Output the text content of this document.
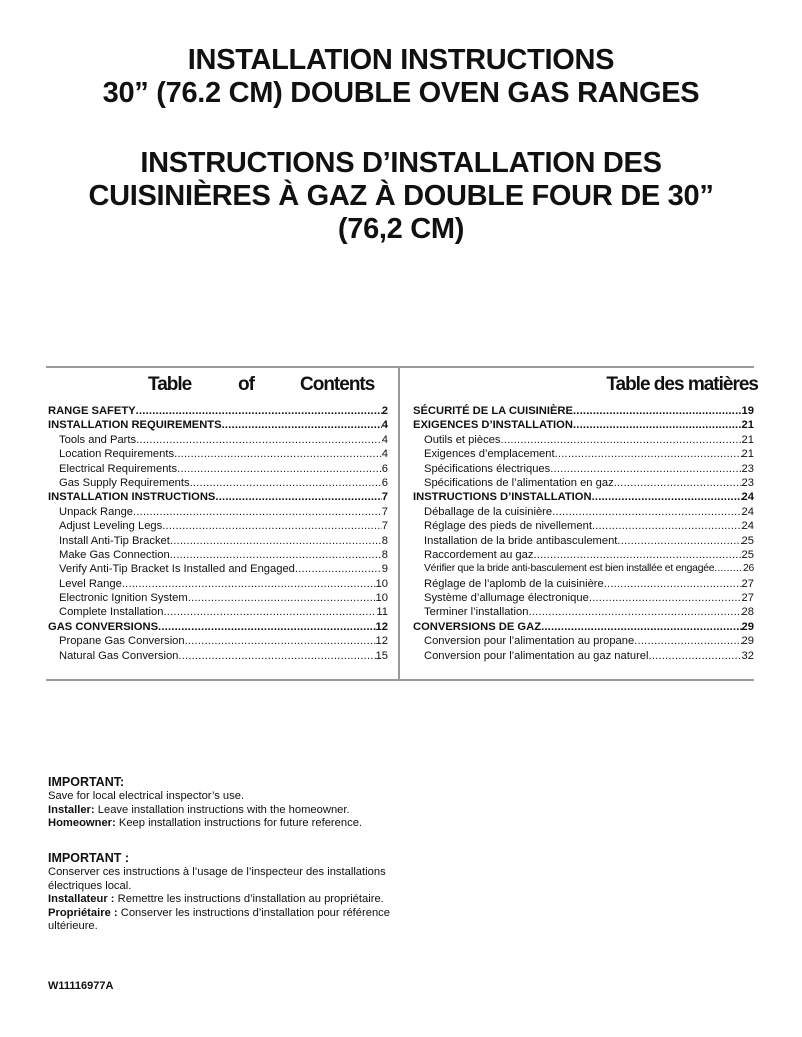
INSTALLATION INSTRUCTIONS
30” (76.2 CM) DOUBLE OVEN GAS RANGES
INSTRUCTIONS D’INSTALLATION DES
CUISINIÈRES À GAZ À DOUBLE FOUR DE 30”
(76,2 CM)
Table of Contents	Table des matières
RANGE SAFETY .....	2
INSTALLATION REQUIREMENTS .....	4
Tools and Parts .....	4
Location Requirements .....	4
Electrical Requirements .....	6
Gas Supply Requirements .....	6
INSTALLATION INSTRUCTIONS .....	7
Unpack Range .....	7
Adjust Leveling Legs .....	7
Install Anti-Tip Bracket .....	8
Make Gas Connection .....	8
Verify Anti-Tip Bracket Is Installed and Engaged .....	9
Level Range .....	10
Electronic Ignition System .....	10
Complete Installation .....	11
GAS CONVERSIONS .....	12
Propane Gas Conversion .....	12
Natural Gas Conversion .....	15
SÉCURITÉ DE LA CUISINIÈRE .....	19
EXIGENCES D’INSTALLATION .....	21
Outils et pièces .....	21
Exigences d’emplacement .....	21
Spécifications électriques .....	23
Spécifications de l’alimentation en gaz .....	23
INSTRUCTIONS D’INSTALLATION .....	24
Déballage de la cuisinière .....	24
Réglage des pieds de nivellement .....	24
Installation de la bride antibasculement .....	25
Raccordement au gaz .....	25
Vérifier que la bride anti-basculement est bien installée et engagée .....	26
Réglage de l’aplomb de la cuisinière .....	27
Système d’allumage électronique .....	27
Terminer l’installation .....	28
CONVERSIONS DE GAZ .....	29
Conversion pour l’alimentation au propane .....	29
Conversion pour l’alimentation au gaz naturel .....	32

IMPORTANT:

Save for local electrical inspector’s use.

Installer: Leave installation instructions with the homeowner.

Homeowner: Keep installation instructions for future reference.

IMPORTANT :

Conserver ces instructions à l’usage de l’inspecteur des installations électriques local.

Installateur : Remettre les instructions d’installation au propriétaire.

Propriétaire : Conserver les instructions d’installation pour référence ultérieure.

W11116977A
